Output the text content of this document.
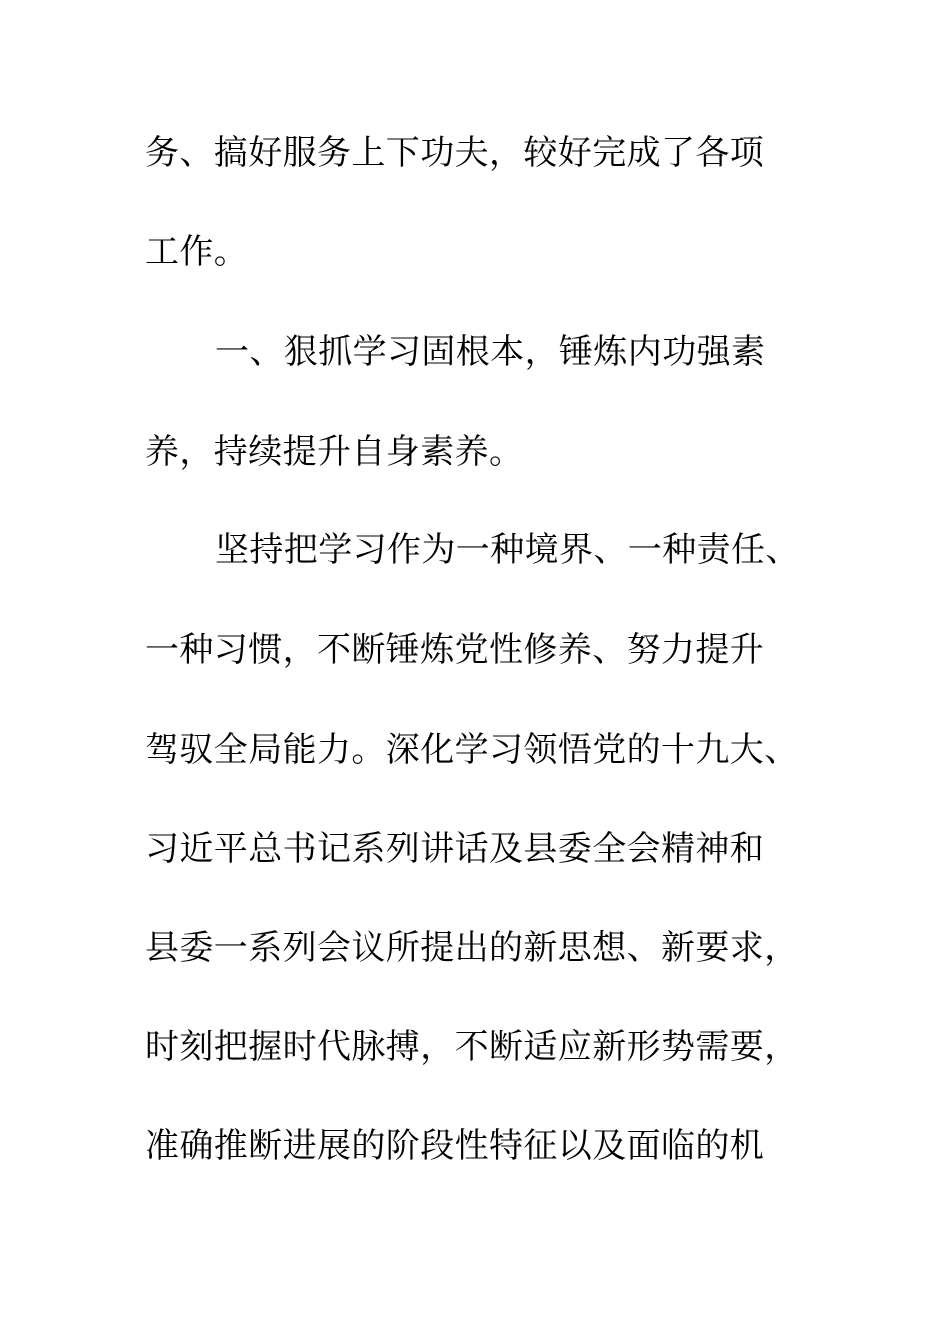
务、搞好服务上下功夫，较好完成了各项
工作。
一、狠抓学习固根本，锤炼内功强素
养，持续提升自身素养。
坚持把学习作为一种境界、一种责任、
一种习惯，不断锤炼党性修养、努力提升
驾驭全局能力。深化学习领悟党的十九大、
习近平总书记系列讲话及县委全会精神和
县委一系列会议所提出的新思想、新要求，
时刻把握时代脉搏，不断适应新形势需要，
准确推断进展的阶段性特征以及面临的机
